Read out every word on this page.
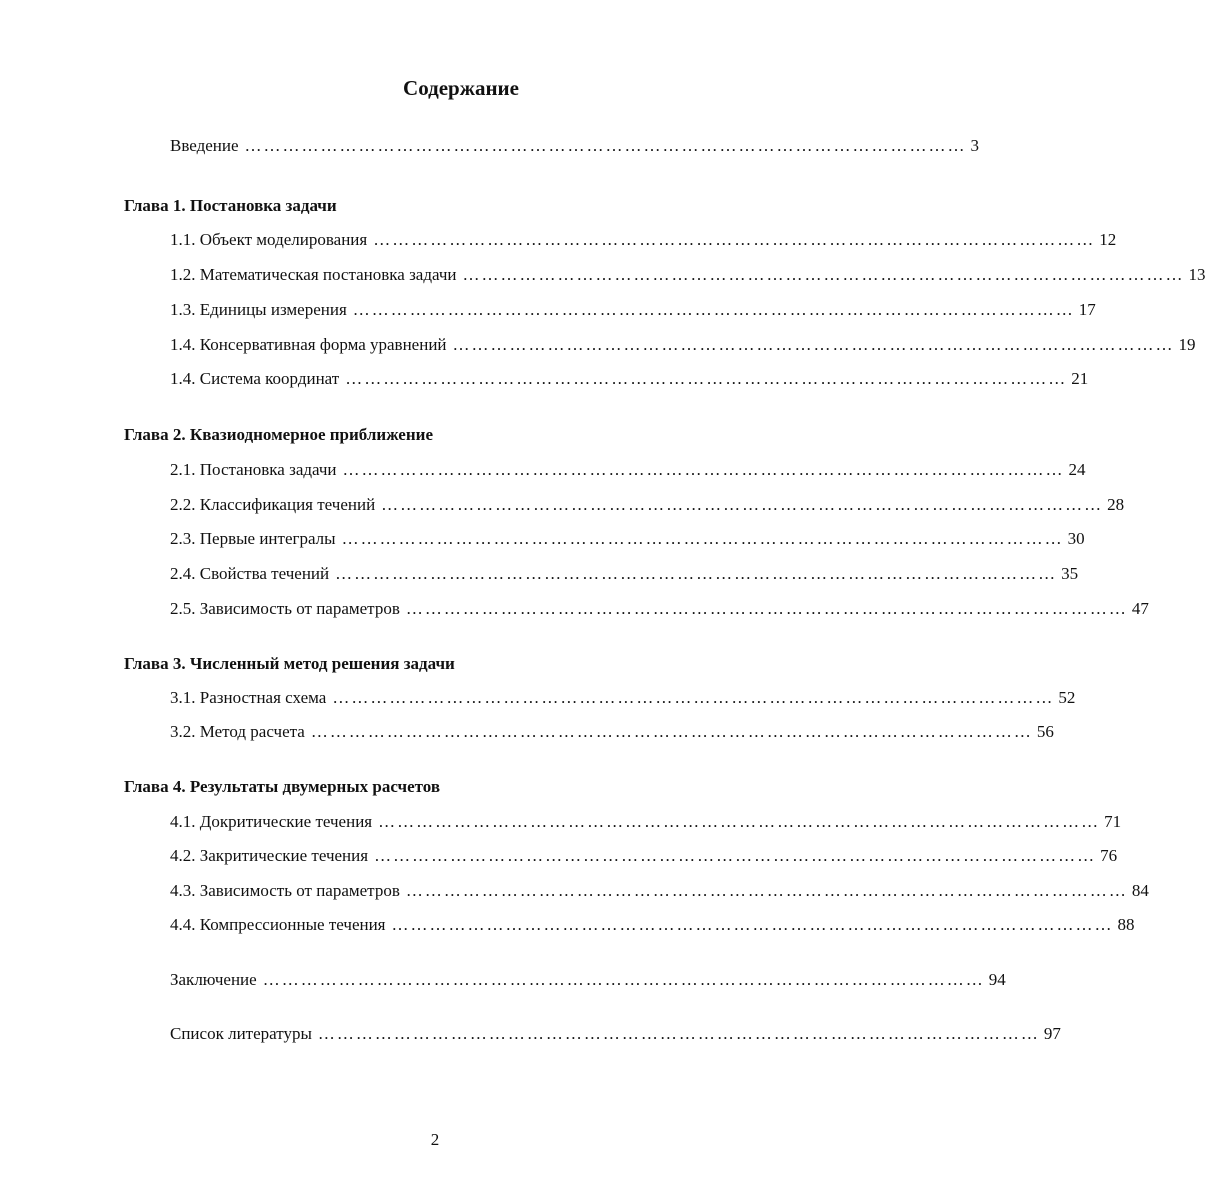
Содержание
Введение …………………………………………………………………………………………………… 3
Глава 1. Постановка задачи
1.1. Объект моделирования …………………………………………………………………………………………………… 12
1.2. Математическая постановка задачи …………………………………………………………………………………………………… 13
1.3. Единицы измерения …………………………………………………………………………………………………… 17
1.4. Консервативная форма уравнений …………………………………………………………………………………………………… 19
1.4. Система координат …………………………………………………………………………………………………… 21
Глава 2. Квазиодномерное приближение
2.1. Постановка задачи …………………………………………………………………………………………………… 24
2.2. Классификация течений …………………………………………………………………………………………………… 28
2.3. Первые интегралы …………………………………………………………………………………………………… 30
2.4. Свойства течений …………………………………………………………………………………………………… 35
2.5. Зависимость от параметров …………………………………………………………………………………………………… 47
Глава 3. Численный метод решения задачи
3.1. Разностная схема …………………………………………………………………………………………………… 52
3.2. Метод расчета …………………………………………………………………………………………………… 56
Глава 4. Результаты двумерных расчетов
4.1. Докритические течения …………………………………………………………………………………………………… 71
4.2. Закритические течения …………………………………………………………………………………………………… 76
4.3. Зависимость от параметров …………………………………………………………………………………………………… 84
4.4. Компрессионные течения …………………………………………………………………………………………………… 88
Заключение …………………………………………………………………………………………………… 94
Список литературы …………………………………………………………………………………………………… 97
2
